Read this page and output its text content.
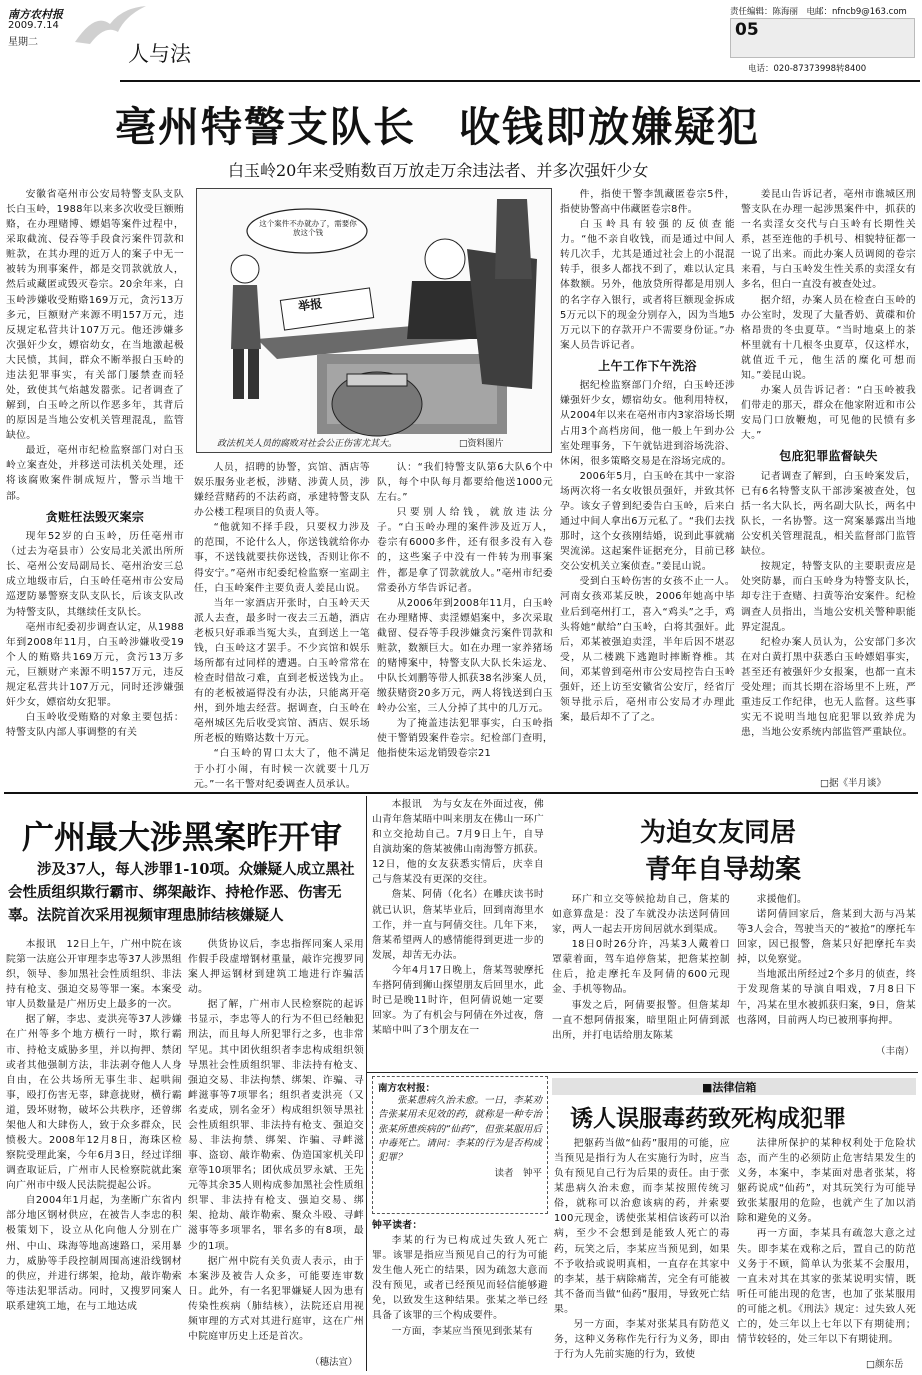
南方农村报
2009.7.14
星期二	人与法
责任编辑：陈海丽　电邮：nfncb9@163.com
05
电话：020-87373998转8400
亳州特警支队长　收钱即放嫌疑犯
白玉岭20年来受贿数百万放走万余违法者、并多次强奸少女

安徽省亳州市公安局特警支队支队长白玉岭，1988年以来多次收受巨额贿赂，在办理赌博、嫖娼等案件过程中，采取截流、侵吞等手段食污案件罚款和赃款，在其办理的近万人的案子中无一被转为刑事案件，都是交罚款就放人，然后或藏匿或毁灭卷宗。20余年来，白玉岭涉嫌收受贿赂169万元，贪污13万多元，巨额财产来源不明157万元，违反规定私营共计107万元。他还涉嫌多次强奸少女，嫖宿幼女，在当地激起极大民愤，其间，群众不断举报白玉岭的违法犯罪事实，有关部门屡禁查而轻处，致使其气焰越发嚣张。记者调查了解到，白玉岭之所以作恶多年，其背后的原因是当地公安机关管理混乱，监管缺位。

最近，亳州市纪检监察部门对白玉岭立案查处，并移送司法机关处理，还将该腐败案件制成短片，警示当地干部。

贪赃枉法毁灭案宗

现年52岁的白玉岭，历任亳州市（过去为亳县市）公安局北关派出所所长、亳州公安局副局长、亳州治安三总成立地级市后，白玉岭任亳州市公安局巡逻防暴警察支队支队长，后该支队改为特警支队，其继续任支队长。

亳州市纪委初步调查认定，从1988年到2008年11月，白玉岭涉嫌收受19个人的贿赂共169万元，贪污13万多元，巨额财产来源不明157万元，违反规定私营共计107万元，同时还涉嫌强奸少女，嫖宿幼女犯罪。

白玉岭收受贿赂的对象主要包括：特警支队内部人事调整的有关

这个案件不办就办了，需要你放这个钱
举报
政法机关人员的腐败对社会公正伤害尤其大。	□资料图片

人员，招聘的协警，宾馆、酒店等娱乐服务业老板，涉赌、涉黄人员，涉嫌经营赌药的不法药商，承建特警支队办公楼工程项目的负责人等。

“他就知不择手段，只要权力涉及的范围，不论什么人，你送钱就给你办事，不送钱就要扶你送钱，否则让你不得安宁。”亳州市纪委纪检监察一室副主任，白玉岭案件主要负责人姜昆山说。

当年一家酒店开张时，白玉岭天天派人去查，最多时一夜去三五趟，酒店老板只好乖乖当冤大头，直到送上一笔钱，白玉岭这才罢手。不少宾馆和娱乐场所都有过同样的遭遇。白玉岭常常在检查时借故刁难，直到老板送钱为止。有的老板被逼得没有办法，只能离开亳州，到外地去经营。据调查，白玉岭在亳州城区先后收受宾馆、酒店、娱乐场所老板的贿赂达数十万元。

“白玉岭的胃口太大了，他不满足于小打小闹，有时候一次就要十几万元。”一名干警对纪委调查人员承认。

认：“我们特警支队第6大队6个中队，每个中队每月都要给他送1000元左右。”

只要别人给钱，就放违法分子。“白玉岭办理的案件涉及近万人，卷宗有6000多件，还有很多没有入卷的，这些案子中没有一件转为刑事案件，都是拿了罚款就放人。”亳州市纪委常委孙方华告诉记者。

从2006年到2008年11月，白玉岭在办理赌博、卖淫嫖娼案中，多次采取截留、侵吞等手段涉嫌贪污案件罚款和赃款，数额巨大。如在办理一家养猪场的赌博案中，特警支队大队长朱运龙、中队长刘鹏等带人抓获38名涉案人员，缴获赌资20多万元，两人将钱送到白玉岭办公室，三人分掉了其中的几万元。

为了掩盖违法犯罪事实，白玉岭指使干警销毁案件卷宗。纪检部门查明，他指使朱运龙销毁卷宗21

件，指使干警李凯藏匿卷宗5件，指使协警高中伟藏匿卷宗8件。

白玉岭具有较强的反侦查能力。“他不亲自收钱，而是通过中间人转几次手，尤其是通过社会上的小混混转手，很多人都找不到了，难以认定具体数额。另外，他放贷所得都是用别人的名字存入银行，或者将巨额现金拆成5万元以下的现金分别存入，因为当地5万元以下的存款开户不需要身份证。”办案人员告诉记者。

上午工作下午洗浴

据纪检监察部门介绍，白玉岭还涉嫌强奸少女，嫖宿幼女。他利用特权，从2004年以来在亳州市内3家浴场长期占用3个高档房间，他一般上午到办公室处理事务，下午就钻进到浴场洗浴、休闲，很多策略交易是在浴场完成的。

2006年5月，白玉岭在其中一家浴场两次将一名女收银员强奸，并致其怀孕。该女子曾到纪委告白玉岭，后来白通过中间人拿出6万元私了。“我们去找那时，这个女孩刚结婚，说到此事就痛哭流涕。这起案件证据充分，目前已移交公安机关立案侦查。”姜昆山说。

受到白玉岭伤害的女孩不止一人。河南女孩邓某反映，2006年她高中毕业后到亳州打工，喜入“鸡头”之手，鸡头将她“献给”白玉岭，白将其强奸。此后，邓某被强迫卖淫，半年后因不堪忍受，从二楼跳下逃跑时摔断脊椎。其间，邓某曾到亳州市公安局控告白玉岭强奸，还上访至安徽省公安厅，经省厅领导批示后，亳州市公安局才办理此案，最后却不了了之。

姜昆山告诉记者，亳州市谯城区刑警支队在办理一起涉黑案件中，抓获的一名卖淫女交代与白玉岭有长期性关系，甚至连他的手机号、相貌特征都一一说了出来。而此办案人员调阅的卷宗来看，与白玉岭发生性关系的卖淫女有多名，但白一直没有被查处过。

据介绍，办案人员在检查白玉岭的办公室时，发现了大量香奶、黄碟和价格昂贵的冬虫夏草。“当时地桌上的茶杯里就有十几根冬虫夏草，仅这样水，就值近千元，他生活的糜化可想而知。”姜昆山说。

办案人员告诉记者：“白玉岭被我们带走的那天，群众在他家附近和市公安局门口放鞭炮，可见他的民愤有多大。”

包庇犯罪监督缺失

记者调查了解到，白玉岭案发后，已有6名特警支队干部涉案被查处，包括一名大队长，两名副大队长，两名中队长，一名协警。这一窝案暴露出当地公安机关管理混乱，相关监督部门监管缺位。

按规定，特警支队的主要职责应是处突防暴，而白玉岭身为特警支队长，却专注于查赌、扫黄等治安案件。纪检调查人员指出，当地公安机关警种职能界定混乱。

纪检办案人员认为，公安部门多次在对白黄打黑中获悉白玉岭嫖娼事实，甚至还有被强奸少女报案，也都一直未受处理；而其长期在浴场里不上班，严重违反工作纪律，也无人监督。这些事实无不说明当地包庇犯罪以致养虎为患，当地公安系统内部监管严重缺位。

□据《半月谈》
广州最大涉黑案昨开审
涉及37人，每人涉罪1-10项。众嫌疑人成立黑社会性质组织欺行霸市、绑架敲诈、持枪作恶、伤害无辜。法院首次采用视频审理患肺结核嫌疑人

本报讯　12日上午，广州中院在该院第一法庭公开审理李忠等37人涉黑组织，领导、参加黑社会性质组织、非法持有枪支、强迫交易等罪一案。本案受审人员数量是广州历史上最多的一次。

据了解，李忠、麦洪亮等37人涉嫌在广州等多个地方横行一时，欺行霸市、持枪支威胁多里，并以拘押、禁闭或者其他强制方法，非法剥夺他人人身自由，在公共场所无事生非、起哄闹事，殴打伤害无辜，肆意拢财，横行霸道，毁坏财物，破坏公共秩序，还曾绑架他人和大肆伤人，致于众多群众，民愤极大。2008年12月8日，海珠区检察院受理此案，今年6月3日，经过详细调查取证后，广州市人民检察院就此案向广州市中级人民法院提起公诉。

自2004年1月起，为垄断广东省内部分地区钢材供应，在被告人李忠的积极策划下，设立从化向他人分别在广州、中山、珠海等地高速路口，采用暴力，威胁等手段控制周围高速沿线钢材的供应，并进行绑架，抢劫，敲诈勒索等违法犯罪活动。同时，又搜罗同案人联系建筑工地，在与工地达成

供货协议后，李忠指挥同案人采用作假手段虚增钢材重量，敲诈完搜罗同案人押运钢材到建筑工地进行诈骗活动。

据了解，广州市人民检察院的起诉书显示，李忠等人的行为不但已经触犯刑法，而且每人所犯罪行之多，也非常罕见。其中团伙组织者李忠构成组织领导黑社会性质组织罪、非法持有枪支、强迫交易、非法拘禁、绑架、诈骗、寻衅滋事等7项罪名；组织者麦洪亮（又名麦成，别名金牙）构成组织领导黑社会性质组织罪、非法持有枪支、强迫交易、非法拘禁、绑架、诈骗、寻衅滋事、盗窃、敲诈勒索、伪造国家机关印章等10项罪名；团伙成员罗永斌、王先元等其余35人则构成参加黑社会性质组织罪、非法持有枪支、强迫交易、绑架、抢劫、敲诈勒索、聚众斗殴、寻衅滋事等多项罪名，罪名多的有8项，最少的1项。

据广州中院有关负责人表示，由于本案涉及被告人众多，可能要连审数日。此外，有一名犯罪嫌疑人因为患有传染性疾病（肺结核），法院还启用视频审理的方式对其进行庭审，这在广州中院庭审历史上还是首次。

（穗法宣）

本报讯　为与女友在外面过夜，佛山青年詹某晤中叫来朋友在佛山一环广和立交抢劫自己。7月9日上午，自导自演劫案的詹某被佛山南海警方抓获。12日，他的女友获悉实情后，庆幸自己与詹某没有更深的交往。

詹某、阿倩（化名）在雕庆读书时就已认识，詹某毕业后，回到南海里水工作，并一直与阿倩交往。几年下来，詹某希望两人的感情能得到更进一步的发展，却苦无办法。

今年4月17日晚上，詹某驾驶摩托车搭阿倩到狮山探望朋友后回里水，此时已是晚11时许，但阿倩说她一定要回家。为了有机会与阿倩在外过夜，詹某暗中叫了3个朋友在一

为迫女友同居
青年自导劫案

环广和立交等候抢劫自己，詹某的如意算盘是：没了车就没办法送阿倩回家，两人一起去开房间居就水到渠成。

18日0时26分许，冯某3人戴着口罩蒙着面，驾车追停詹某，把詹某控制住后，抢走摩托车及阿倩的600元现金、手机等物品。

事发之后，阿倩要报警。但詹某却一直不想阿倩报案，暗里阻止阿倩到派出所，并打电话给朋友陈某

求援他们。

诺阿倩回家后，詹某到大沥与冯某等3人会合，驾驶当天的“被抢”的摩托车回家，因已报警，詹某只好把摩托车卖掉，以免察觉。

当地派出所经过2个多月的侦查，终于发现詹某的导演自唱戏，7月8日下午，冯某在里水被抓获归案，9日，詹某也落网，目前两人均已被刑事拘押。

（丰南）
南方农村报：
张某患病久治未愈。一日，李某劝告张某用未见效的药，就称是一种专治张某所患疾病的“仙药”，但张某服用后中毒死亡。请问：李某的行为是否构成犯罪？
读者　钟平
钟平读者：

李某的行为已构成过失致人死亡罪。该罪是指应当预见自己的行为可能发生他人死亡的结果，因为疏忽大意而没有预见，或者已经预见而轻信能够避免，以致发生这种结果。张某之举已经具备了该罪的三个构成要件。

一方面，李某应当预见到张某有

■法律信箱
诱人误服毒药致死构成犯罪

把躯药当做“仙药”服用的可能，应当预见是指行为人在实施行为时，应当负有预见自己行为后果的责任。由于张某患病久治未愈，而李某按照传统习俗，就称可以治愈该病的药，并索要100元现金，诱使张某相信该药可以治病，至少不会想到是能致人死亡的毒药，玩笑之后，李某应当预见到，如果不予收拾或说明真相，一直存在其家中的李某，基于病除痛苦，完全有可能被其不备而当做“仙药”服用，导致死亡结果。

另一方面，李某对张某具有防范义务，这种义务称作先行行为义务，即由于行为人先前实施的行为，致使

法律所保护的某种权利处于危险状态，而产生的必须防止危害结果发生的义务，本案中，李某面对患者张某，将躯药说成“仙药”，对其玩笑行为可能导致张某服用的危险，也就产生了加以消除和避免的义务。

再一方面，李某具有疏忽大意之过失。即李某在戏称之后，置自己的防范义务于不顾，简单认为张某不会服用，一直未对其在其家的张某说明实情，既听任可能出现的危害，也加了张某服用的可能之机。《刑法》规定：过失致人死亡的，处三年以上七年以下有期徒刑；情节较轻的，处三年以下有期徒刑。

□颜东岳
